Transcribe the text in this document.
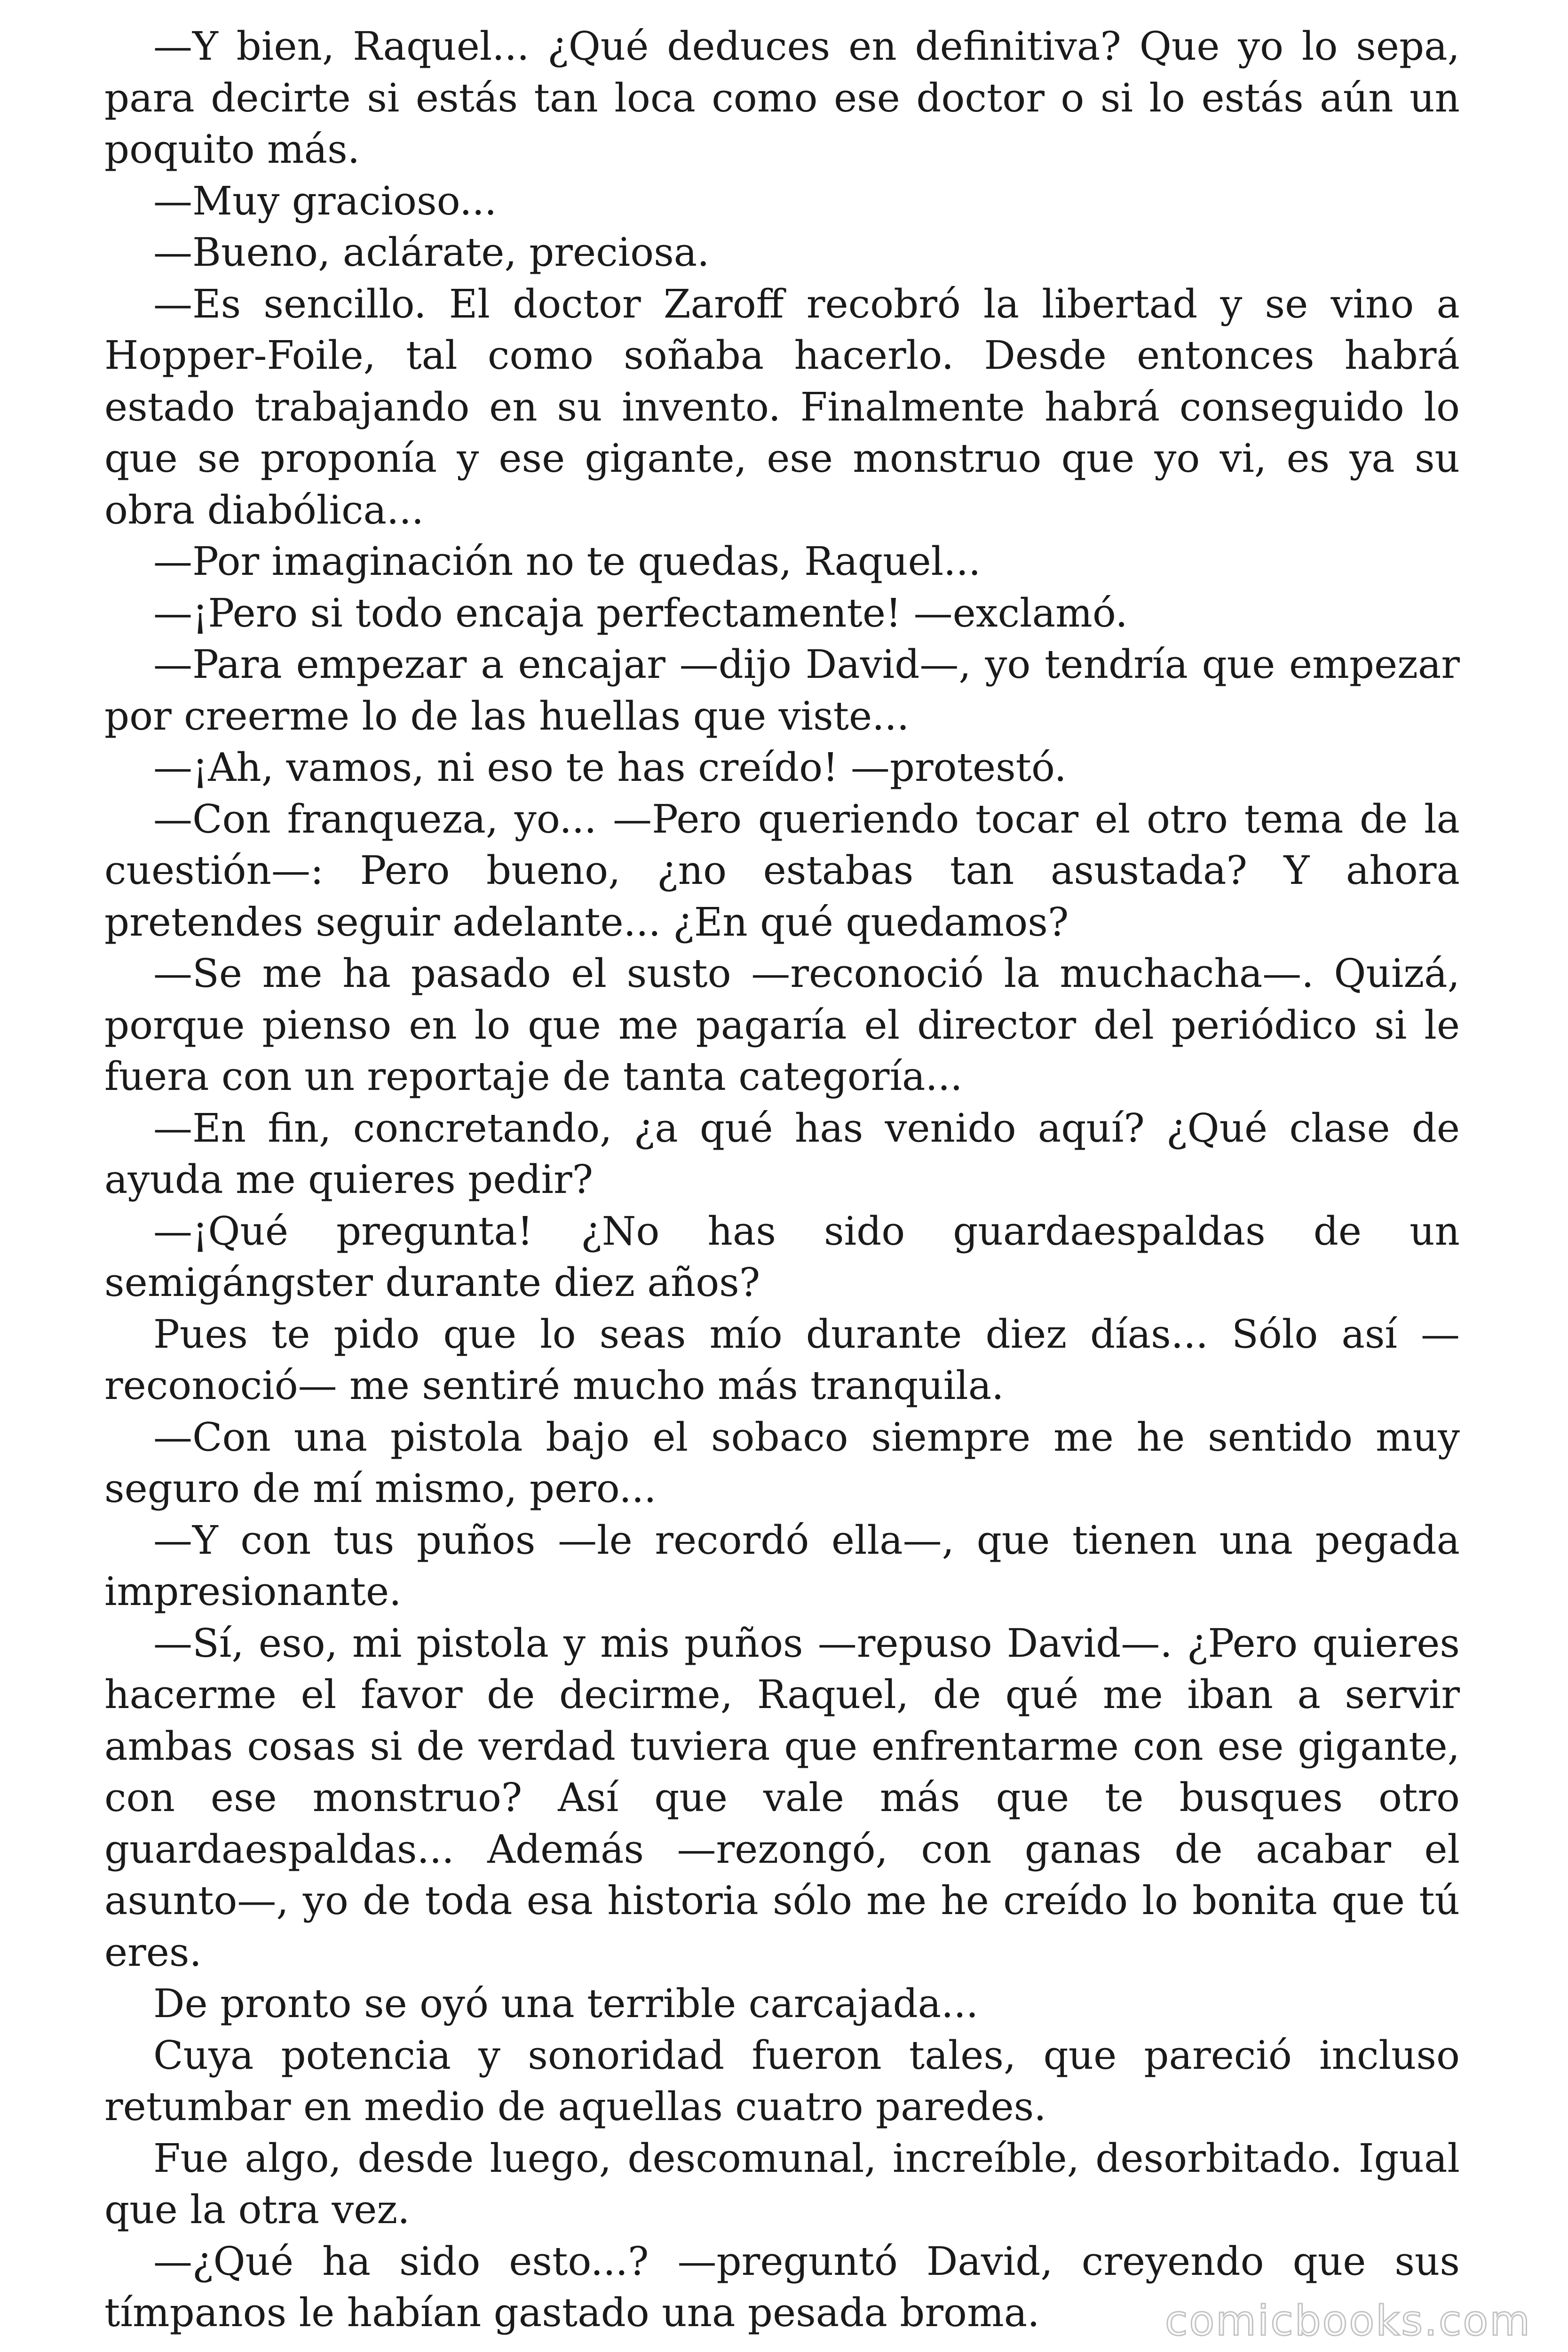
—Y bien, Raquel... ¿Qué deduces en definitiva? Que yo lo sepa, para decirte si estás tan loca como ese doctor o si lo estás aún un poquito más.

—Muy gracioso...

—Bueno, aclárate, preciosa.

—Es sencillo. El doctor Zaroff recobró la libertad y se vino a Hopper-Foile, tal como soñaba hacerlo. Desde entonces habrá estado trabajando en su invento. Finalmente habrá conseguido lo que se proponía y ese gigante, ese monstruo que yo vi, es ya su obra diabólica...

—Por imaginación no te quedas, Raquel...

—¡Pero si todo encaja perfectamente! —exclamó.

—Para empezar a encajar —dijo David—, yo tendría que empezar por creerme lo de las huellas que viste...

—¡Ah, vamos, ni eso te has creído! —protestó.

—Con franqueza, yo... —Pero queriendo tocar el otro tema de la cuestión—: Pero bueno, ¿no estabas tan asustada? Y ahora pretendes seguir adelante... ¿En qué quedamos?

—Se me ha pasado el susto —reconoció la muchacha—. Quizá, porque pienso en lo que me pagaría el director del periódico si le fuera con un reportaje de tanta categoría...

—En fin, concretando, ¿a qué has venido aquí? ¿Qué clase de ayuda me quieres pedir?

—¡Qué pregunta! ¿No has sido guardaespaldas de un semigángster durante diez años?

Pues te pido que lo seas mío durante diez días... Sólo así —reconoció— me sentiré mucho más tranquila.

—Con una pistola bajo el sobaco siempre me he sentido muy seguro de mí mismo, pero...

—Y con tus puños —le recordó ella—, que tienen una pegada impresionante.

—Sí, eso, mi pistola y mis puños —repuso David—. ¿Pero quieres hacerme el favor de decirme, Raquel, de qué me iban a servir ambas cosas si de verdad tuviera que enfrentarme con ese gigante, con ese monstruo? Así que vale más que te busques otro guardaespaldas... Además —rezongó, con ganas de acabar el asunto—, yo de toda esa historia sólo me he creído lo bonita que tú eres.

De pronto se oyó una terrible carcajada...

Cuya potencia y sonoridad fueron tales, que pareció incluso retumbar en medio de aquellas cuatro paredes.

Fue algo, desde luego, descomunal, increíble, desorbitado. Igual que la otra vez.

—¿Qué ha sido esto...? —preguntó David, creyendo que sus tímpanos le habían gastado una pesada broma.	comicbooks.com
